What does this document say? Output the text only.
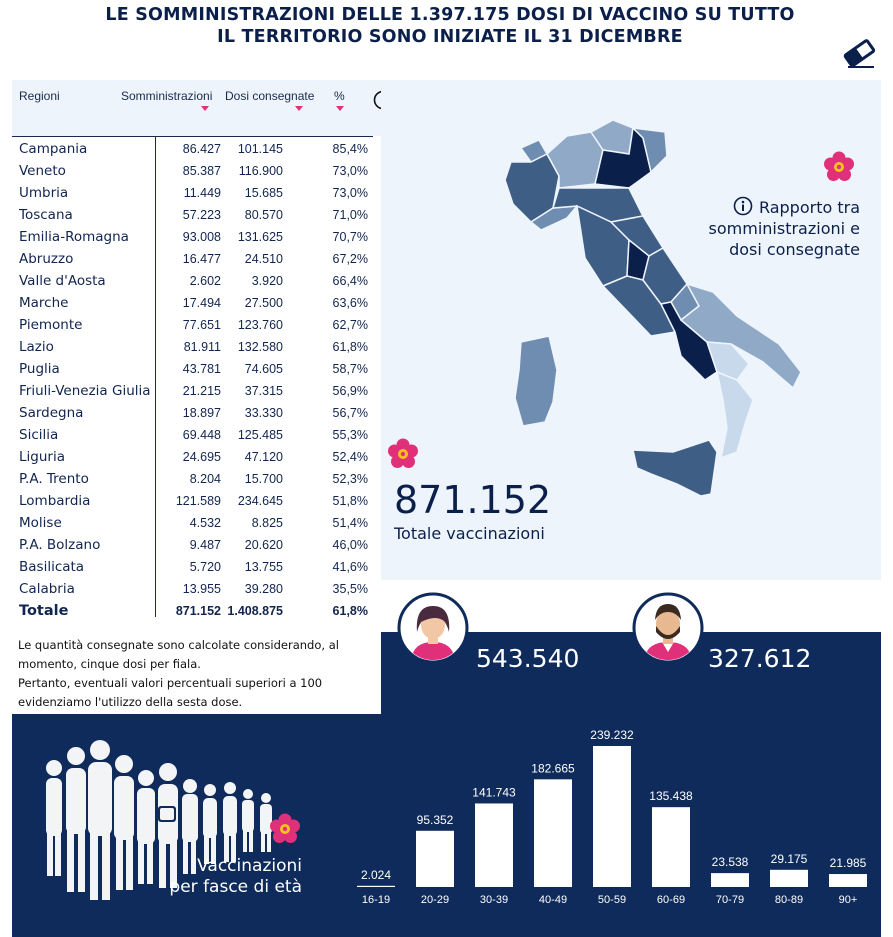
LE SOMMINISTRAZIONI DELLE 1.397.175 DOSI DI VACCINO SU TUTTO
IL TERRITORIO SONO INIZIATE IL 31 DICEMBRE
Regioni	Somministrazioni Dosi consegnate %
Campania	86.427 101.145	85,4%
Veneto	85.387 116.900	73,0%
Umbria	11.449 15.685	73,0%
Toscana	57.223 80.570	71,0%
Emilia-Romagna	93.008 131.625	70,7%
Abruzzo	16.477 24.510	67,2%
Valle d'Aosta	2.602 3.920	66,4%
Marche	17.494 27.500	63,6%
Piemonte	77.651 123.760	62,7%
Lazio	81.911 132.580	61,8%
Puglia	43.781 74.605	58,7%
Friuli-Venezia Giulia	21.215 37.315	56,9%
Sardegna	18.897 33.330	56,7%
Sicilia	69.448 125.485	55,3%
Liguria	24.695 47.120	52,4%
P.A. Trento	8.204 15.700	52,3%
Lombardia	121.589 234.645	51,8%
Molise	4.532 8.825	51,4%
P.A. Bolzano	9.487 20.620	46,0%
Basilicata	5.720 13.755	41,6%
Calabria	13.955 39.280	35,5%
Totale	871.152 1.408.875	61,8%
Le quantità consegnate sono calcolate considerando, al
momento, cinque dosi per fiala.
Pertanto, eventuali valori percentuali superiori a 100
evidenziamo l'utilizzo della sesta dose.
Rapporto tra
somministrazioni e
dosi consegnate
871.152
Totale vaccinazioni
543.540	327.612
Vaccinazioni
per fasce di età
2.024
16-19
95.352
20-29
141.743
30-39
182.665
40-49
239.232
50-59
135.438
60-69
23.538
70-79
29.175
80-89
21.985
90+
